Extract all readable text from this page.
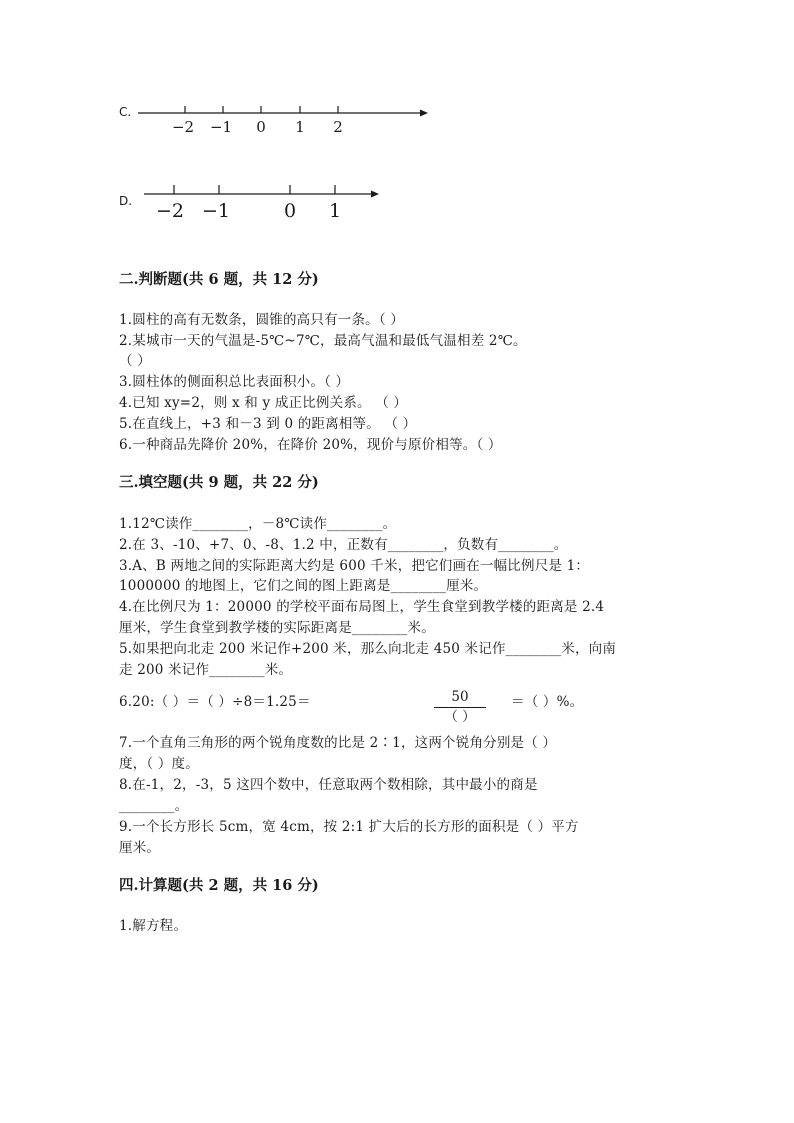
C.
−2 −1 0 1 2
D. −2 −1	0 1
二.判断题(共 6 题，共 12 分)
1.圆柱的高有无数条，圆锥的高只有一条。（ ）
2.某城市一天的气温是-5℃~7℃，最高气温和最低气温相差 2℃。
（ ）
3.圆柱体的侧面积总比表面积小。（ ）
4.已知 xy=2，则 x 和 y 成正比例关系。 （ ）
5.在直线上，+3 和－3 到 0 的距离相等。 （ ）
6.一种商品先降价 20%，在降价 20%，现价与原价相等。（ ）
三.填空题(共 9 题，共 22 分)
1.12℃读作________，－8℃读作________。
2.在 3、-10、+7、0、-8、1.2 中，正数有________，负数有________。
3.A、B 两地之间的实际距离大约是 600 千米，把它们画在一幅比例尺是 1：
1000000 的地图上，它们之间的图上距离是________厘米。
4.在比例尺为 1：20000 的学校平面布局图上，学生食堂到教学楼的距离是 2.4
厘米，学生食堂到教学楼的实际距离是________米。
5.如果把向北走 200 米记作+200 米，那么向北走 450 米记作________米，向南
走 200 米记作________米。
6.20:（ ）＝（ ）÷8＝1.25＝	50
（ ）
＝（ ）%。
7.一个直角三角形的两个锐角度数的比是 2∶1，这两个锐角分别是（ ）
度，（ ）度。
8.在-1，2，-3，5 这四个数中，任意取两个数相除，其中最小的商是
________。
9.一个长方形长 5cm，宽 4cm，按 2:1 扩大后的长方形的面积是（ ）平方
厘米。
四.计算题(共 2 题，共 16 分)
1.解方程。
